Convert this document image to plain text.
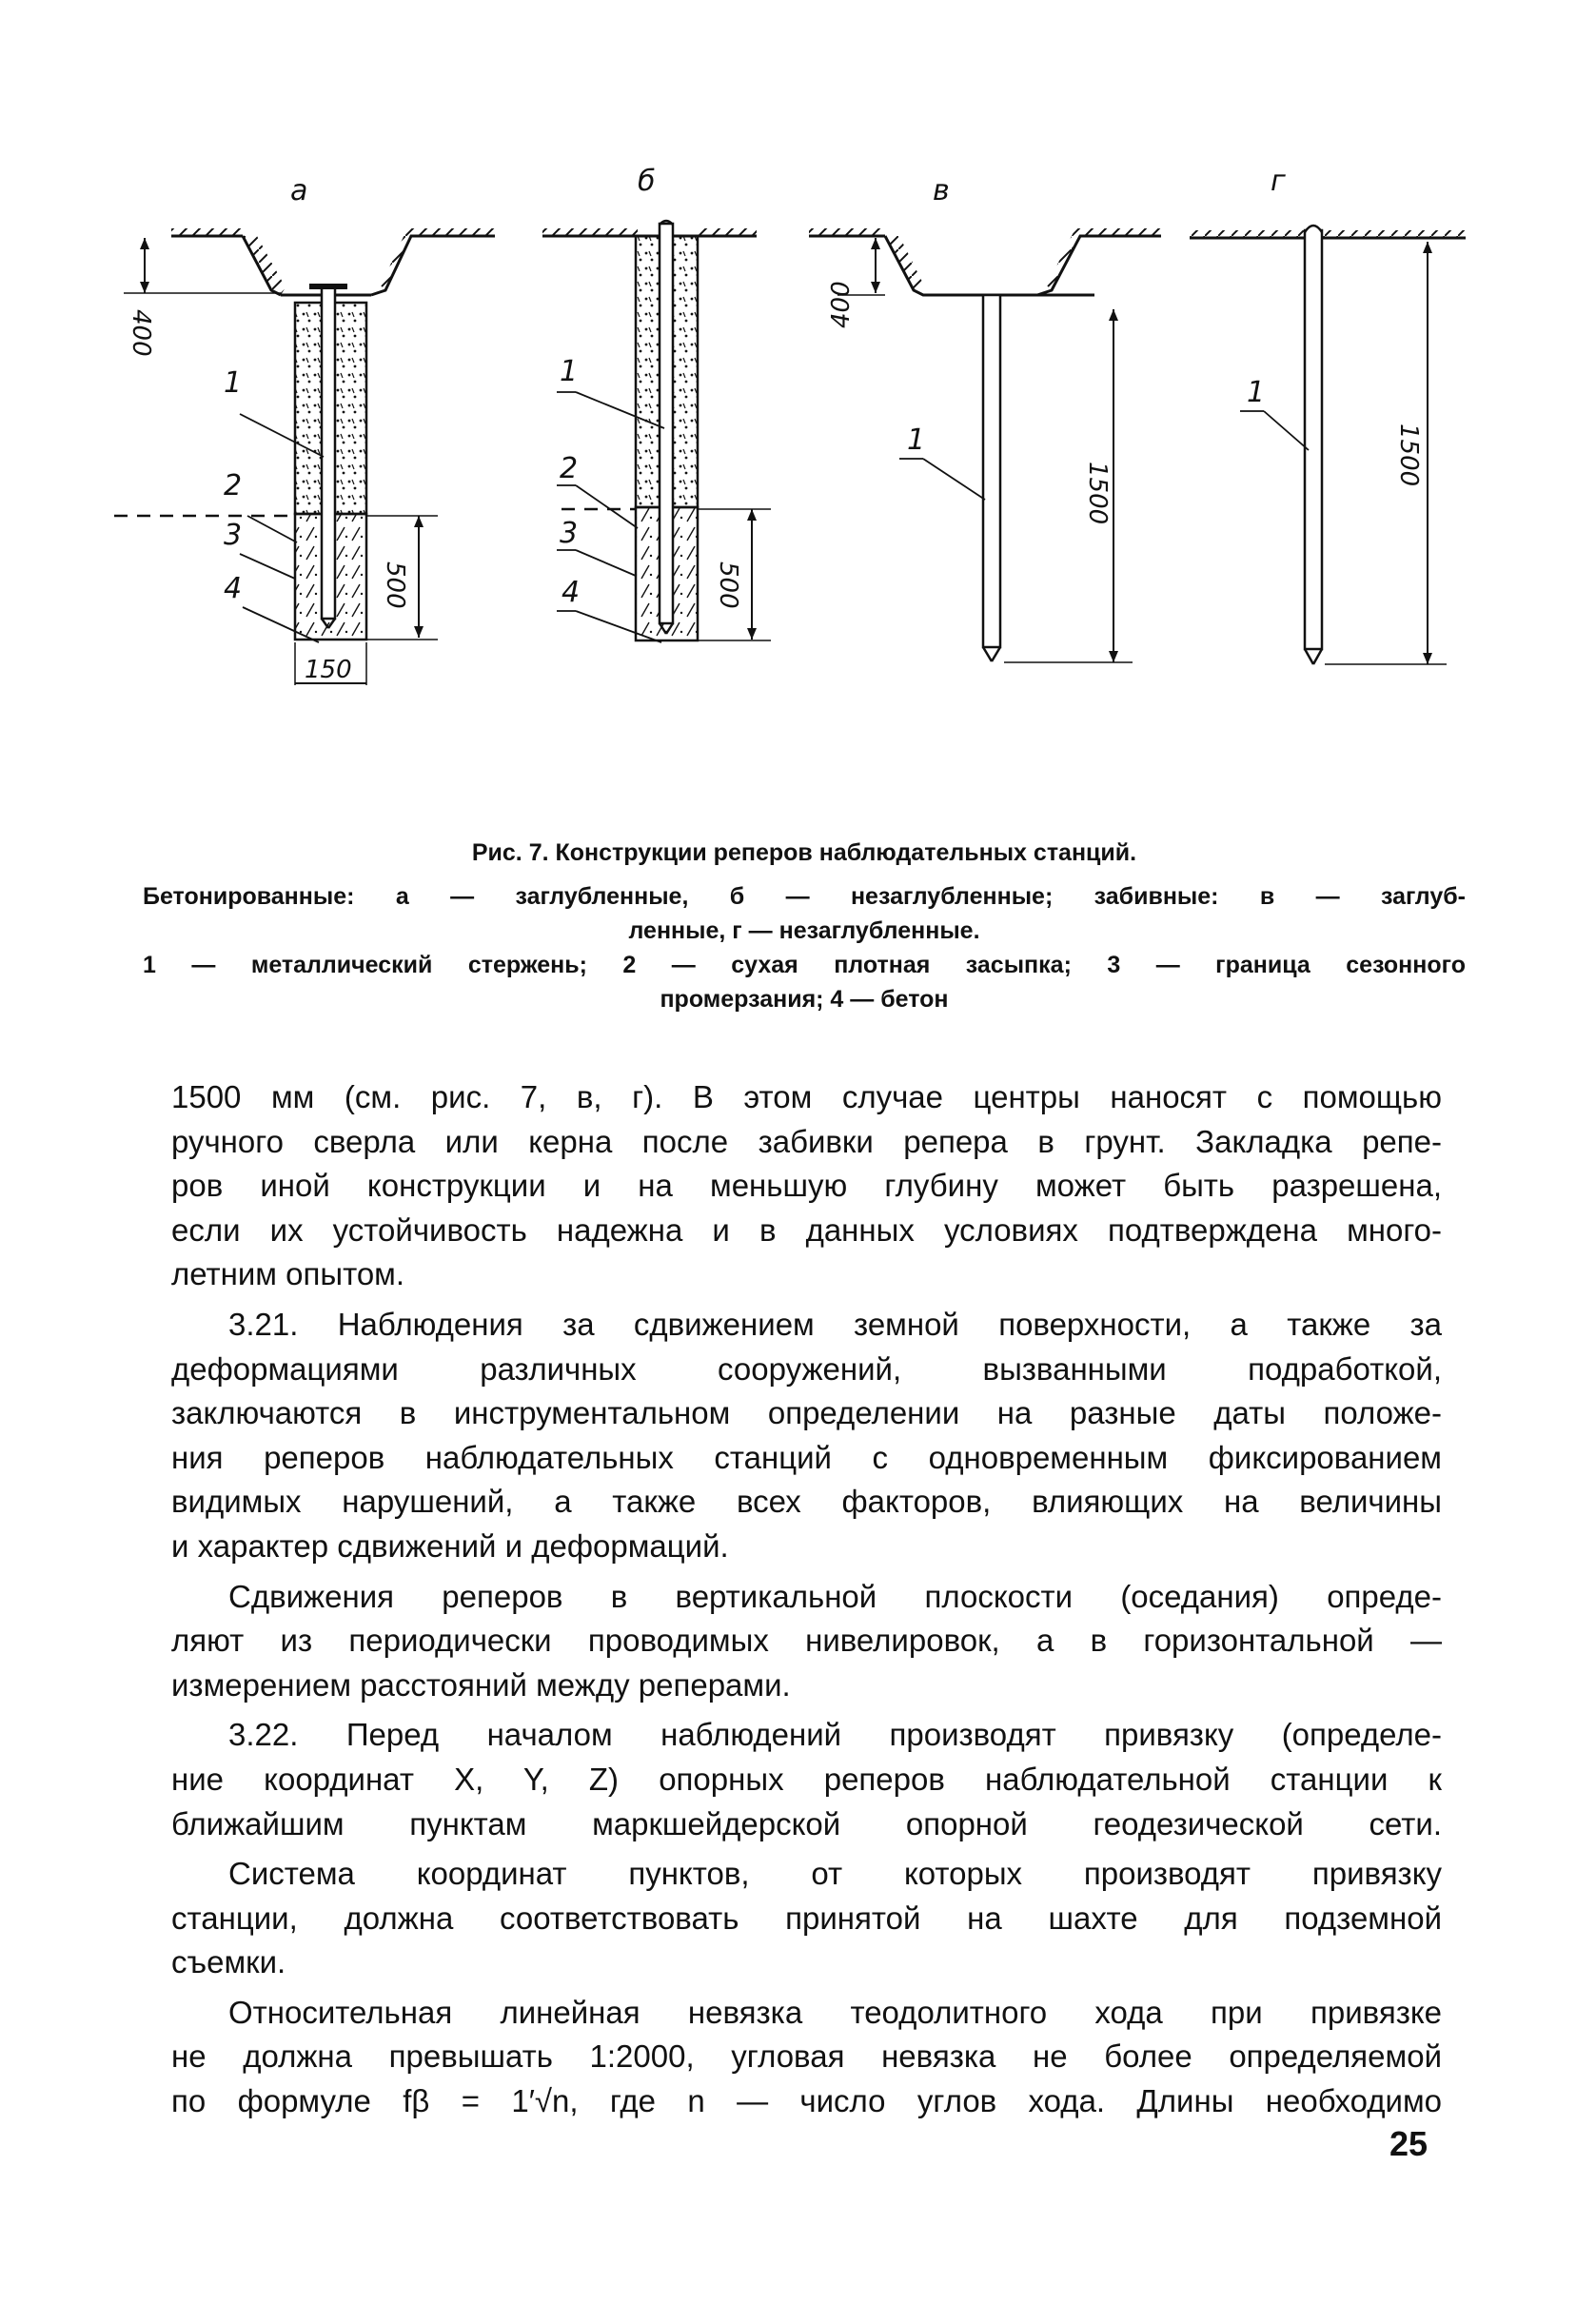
а	б	в	г
400
500
150
1
2
3
4	500
1
2
3
4
400
1500
1	1500
1
Рис. 7. Конструкции реперов наблюдательных станций.
Бетонированные: а — заглубленные, б — незаглубленные; забивные: в — заглуб-
ленные, г — незаглубленные.
1 — металлический стержень; 2 — сухая плотная засыпка; 3 — граница сезонного
промерзания; 4 — бетон
1500 мм (см. рис. 7, в, г). В этом случае центры наносят с помощью
ручного сверла или керна после забивки репера в грунт. Закладка репе-
ров иной конструкции и на меньшую глубину может быть разрешена,
если их устойчивость надежна и в данных условиях подтверждена много-
летним опытом.
3.21. Наблюдения за сдвижением земной поверхности, а также за
деформациями различных сооружений, вызванными подработкой,
заключаются в инструментальном определении на разные даты положе-
ния реперов наблюдательных станций с одновременным фиксированием
видимых нарушений, а также всех факторов, влияющих на величины
и характер сдвижений и деформаций.
Сдвижения реперов в вертикальной плоскости (оседания) опреде-
ляют из периодически проводимых нивелировок, а в горизонтальной —
измерением расстояний между реперами.
3.22. Перед началом наблюдений производят привязку (определе-
ние координат X, Y, Z) опорных реперов наблюдательной станции к
ближайшим пунктам маркшейдерской опорной геодезической сети.
Система координат пунктов, от которых производят привязку
станции, должна соответствовать принятой на шахте для подземной
съемки.
Относительная линейная невязка теодолитного хода при привязке
не должна превышать 1:2000, угловая невязка не более определяемой
по формуле fβ = 1′√n, где n — число углов хода. Длины необходимо
25
